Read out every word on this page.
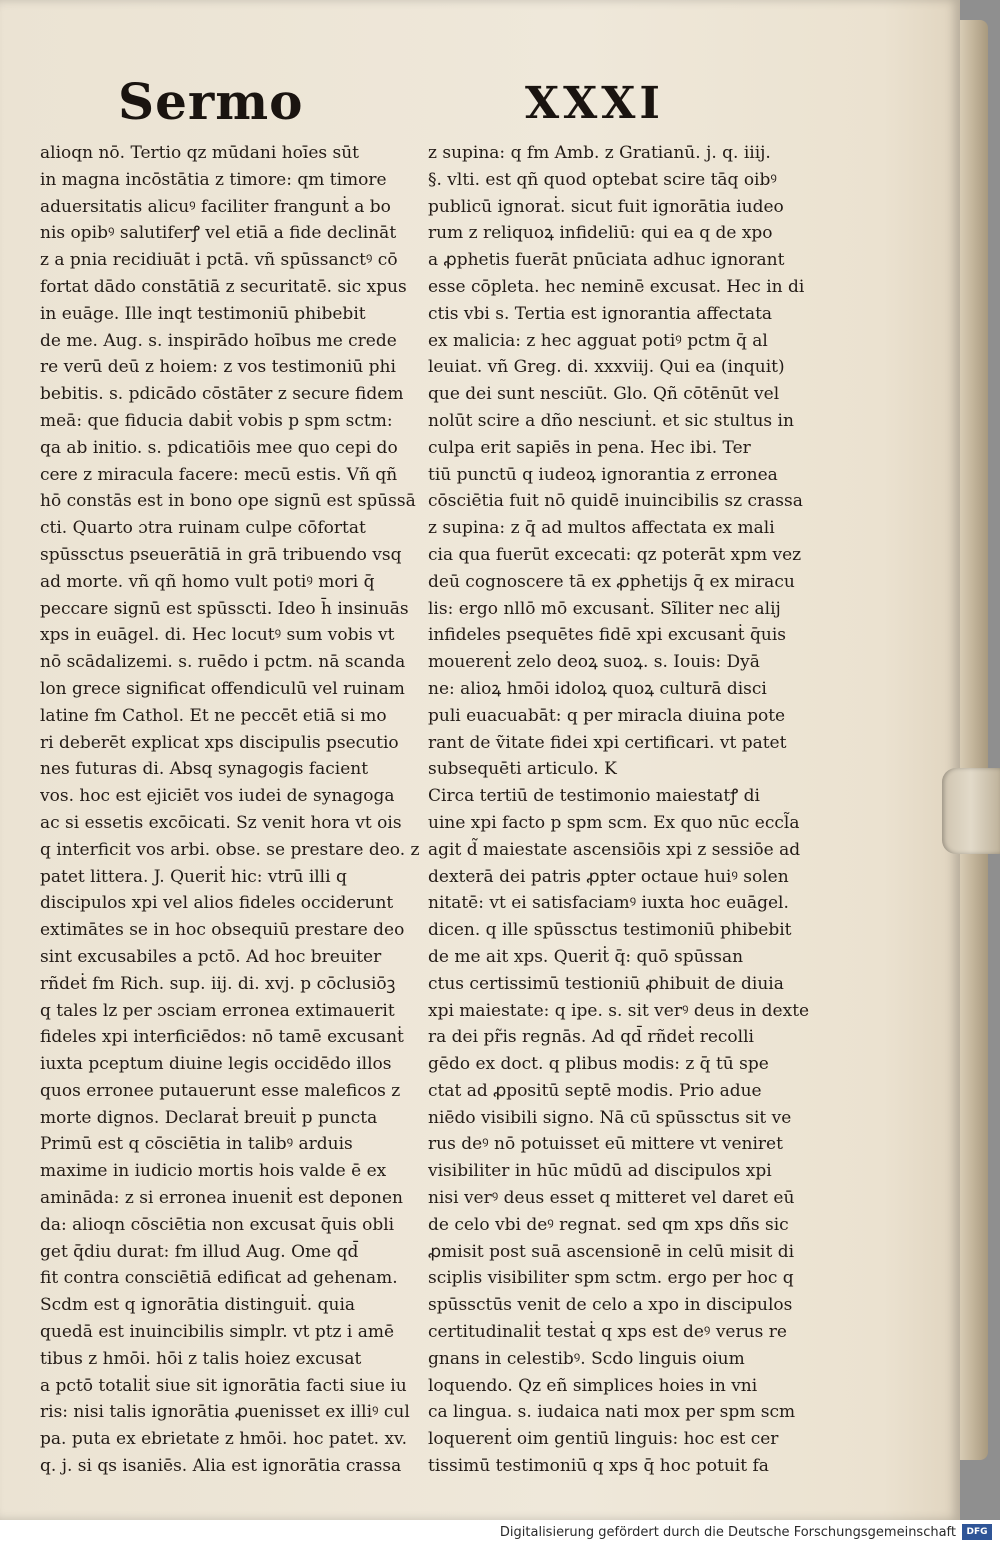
Sermo	XXXI
alioqn nō. Tertio qz mūdani hoīes sūt
in magna incōstātia z timore: qm timore
aduersitatis alicuꝰ faciliter frangunṫ a bo
nis opibꝰ salutiferꝭ vel etiā a fide declināt
z a pnia recidiuāt i pctā. vñ spūssanctꝰ cō
fortat dādo constātiā z securitatē. sic xpus
in euāge. Ille inqt testimoniū phibebit
de me. Aug. s. inspirādo hoībus me crede
re verū deū z hoiem: z vos testimoniū phi
bebitis. s. pdicādo cōstāter z secure fidem
meā: que fiducia dabiṫ vobis p spm sctm:
qa ab initio. s. pdicatiōis mee quo cepi do
cere z miracula facere: mecū estis. Vñ qñ
hō constās est in bono ope signū est spūssā
cti. Quarto ɔtra ruinam culpe cōfortat
spūssctus pseuerātiā in grā tribuendo vsq
ad morte. vñ qñ homo vult potiꝰ mori q̄
peccare signū est spūsscti. Ideo h̄ insinuās
xps in euāgel. di. Hec locutꝰ sum vobis vt
nō scādalizemi. s. ruēdo i pctm. nā scanda
lon grece significat offendiculū vel ruinam
latine fm Cathol. Et ne peccēt etiā si mo
ri deberēt explicat xps discipulis psecutio
nes futuras di. Absq synagogis facient
vos. hoc est ejiciēt vos iudei de synagoga
ac si essetis excōicati. Sz venit hora vt ois
q interficit vos arbi. obse. se prestare deo. z
patet littera. J. Queriṫ hic: vtrū illi q
discipulos xpi vel alios fideles occiderunt
extimātes se in hoc obsequiū prestare deo
sint excusabiles a pctō. Ad hoc breuiter
rñdeṫ fm Rich. sup. iij. di. xvj. p cōclusiōꝫ
q tales lz per ɔsciam erronea extimauerit
fideles xpi interficiēdos: nō tamē excusanṫ
iuxta pceptum diuine legis occidēdo illos
quos erronee putauerunt esse maleficos z
morte dignos. Declaraṫ breuiṫ p puncta
Primū est q cōsciētia in talibꝰ arduis
maxime in iudicio mortis hois valde ē ex
amināda: z si erronea inueniṫ est deponen
da: alioqn cōsciētia non excusat q̄uis obli
get q̄diu durat: fm illud Aug. Ome qd̄
fit contra consciētiā edificat ad gehenam.
Scdm est q ignorātia distinguiṫ. quia
quedā est inuincibilis simplr. vt ptz i amē
tibus z hmōi. hōi z talis hoiez excusat
a pctō totaliṫ siue sit ignorātia facti siue iu
ris: nisi talis ignorātia ꝓuenisset ex illiꝰ cul
pa. puta ex ebrietate z hmōi. hoc patet. xv.
q. j. si qs isaniēs. Alia est ignorātia crassa
z supina: q fm Amb. z Gratianū. j. q. iiij.
§. vlti. est qñ quod optebat scire tāq oibꝰ
publicū ignoraṫ. sicut fuit ignorātia iudeo
rum z reliquoꝝ infideliū: qui ea q de xpo
a ꝓphetis fuerāt pnūciata adhuc ignorant
esse cōpleta. hec neminē excusat. Hec in di
ctis vbi s. Tertia est ignorantia affectata
ex malicia: z hec agguat potiꝰ pctm q̄ al
leuiat. vñ Greg. di. xxxviij. Qui ea (inquit)
que dei sunt nesciūt. Glo. Qñ cōtēnūt vel
nolūt scire a dño nesciunṫ. et sic stultus in
culpa erit sapiēs in pena. Hec ibi. Ter
tiū punctū q iudeoꝝ ignorantia z erronea
cōsciētia fuit nō quidē inuincibilis sz crassa
z supina: z q̄ ad multos affectata ex mali
cia qua fuerūt excecati: qz poterāt xpm vez
deū cognoscere tā ex ꝓphetijs q̄ ex miracu
lis: ergo nllō mō excusanṫ. Sĩliter nec alij
infideles psequētes fidē xpi excusanṫ q̄uis
mouerenṫ zelo deoꝝ suoꝝ. s. Iouis: Dyā
ne: alioꝝ hmōi idoloꝝ quoꝝ culturā disci
puli euacuabāt: q per miracla diuina pote
rant de ṽitate fidei xpi certificari. vt patet
subsequēti articulo. K
Circa tertiū de testimonio maiestatꝭ di
uine xpi facto p spm scm. Ex quo nūc eccl̃a
agit d̃ maiestate ascensiōis xpi z sessiōe ad
dexterā dei patris ꝓpter octaue huiꝰ solen
nitatē: vt ei satisfaciamꝰ iuxta hoc euāgel.
dicen. q ille spūssctus testimoniū phibebit
de me ait xps. Queriṫ q̄: quō spūssan
ctus certissimū testioniū ꝓhibuit de diuia
xpi maiestate: q ipe. s. sit verꝰ deus in dexte
ra dei pr̃is regnās. Ad qd̄ rñdeṫ recolli
gēdo ex doct. q plibus modis: z q̄ tū spe
ctat ad ꝓpositū septē modis. Prio adue
niēdo visibili signo. Nā cū spūssctus sit ve
rus deꝰ nō potuisset eū mittere vt veniret
visibiliter in hūc mūdū ad discipulos xpi
nisi verꝰ deus esset q mitteret vel daret eū
de celo vbi deꝰ regnat. sed qm xps dñs sic
ꝓmisit post suā ascensionē in celū misit di
sciplis visibiliter spm sctm. ergo per hoc q
spūssctūs venit de celo a xpo in discipulos
certitudinaliṫ testaṫ q xps est deꝰ verus re
gnans in celestibꝰ. Scdo linguis oium
loquendo. Qz eñ simplices hoies in vni
ca lingua. s. iudaica nati mox per spm scm
loquerenṫ oim gentiū linguis: hoc est cer
tissimū testimoniū q xps q̄ hoc potuit fa
Digitalisierung gefördert durch die Deutsche Forschungsgemeinschaft	DFG
